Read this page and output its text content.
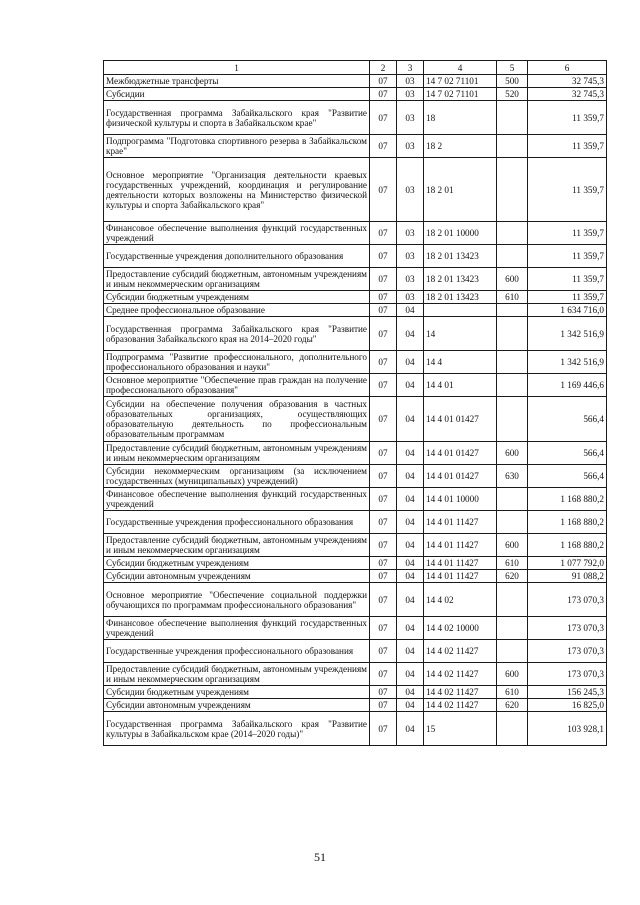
1	2	3	4	5	6
Межбюджетные трансферты	07	03	14 7 02 71101	500	32 745,3
Субсидии	07	03	14 7 02 71101	520	32 745,3
Государственная программа Забайкальского края "Развитие физической культуры и спорта в Забайкальском крае"	07	03	18		11 359,7
Подпрограмма "Подготовка спортивного резерва в Забайкальском крае"	07	03	18 2		11 359,7
Основное мероприятие "Организация деятельности краевых государственных учреждений, координация и регулирование деятельности которых возложены на Министерство физической культуры и спорта Забайкальского края"	07	03	18 2 01		11 359,7
Финансовое обеспечение выполнения функций государственных учреждений	07	03	18 2 01 10000		11 359,7
Государственные учреждения дополнительного образования	07	03	18 2 01 13423		11 359,7
Предоставление субсидий бюджетным, автономным учреждениям и иным некоммерческим организациям	07	03	18 2 01 13423	600	11 359,7
Субсидии бюджетным учреждениям	07	03	18 2 01 13423	610	11 359,7
Среднее профессиональное образование	07	04			1 634 716,0
Государственная программа Забайкальского края "Развитие образования Забайкальского края на 2014–2020 годы"	07	04	14		1 342 516,9
Подпрограмма "Развитие профессионального, дополнительного профессионального образования и науки"	07	04	14 4		1 342 516,9
Основное мероприятие "Обеспечение прав граждан на получение профессионального образования"	07	04	14 4 01		1 169 446,6
Субсидии на обеспечение получения образования в частных образовательных организациях, осуществляющих образовательную деятельность по профессиональным образовательным программам	07	04	14 4 01 01427		566,4
Предоставление субсидий бюджетным, автономным учреждениям и иным некоммерческим организациям	07	04	14 4 01 01427	600	566,4
Субсидии некоммерческим организациям (за исключением государственных (муниципальных) учреждений)	07	04	14 4 01 01427	630	566,4
Финансовое обеспечение выполнения функций государственных учреждений	07	04	14 4 01 10000		1 168 880,2
Государственные учреждения профессионального образования	07	04	14 4 01 11427		1 168 880,2
Предоставление субсидий бюджетным, автономным учреждениям и иным некоммерческим организациям	07	04	14 4 01 11427	600	1 168 880,2
Субсидии бюджетным учреждениям	07	04	14 4 01 11427	610	1 077 792,0
Субсидии автономным учреждениям	07	04	14 4 01 11427	620	91 088,2
Основное мероприятие "Обеспечение социальной поддержки обучающихся по программам профессионального образования"	07	04	14 4 02		173 070,3
Финансовое обеспечение выполнения функций государственных учреждений	07	04	14 4 02 10000		173 070,3
Государственные учреждения профессионального образования	07	04	14 4 02 11427		173 070,3
Предоставление субсидий бюджетным, автономным учреждениям и иным некоммерческим организациям	07	04	14 4 02 11427	600	173 070,3
Субсидии бюджетным учреждениям	07	04	14 4 02 11427	610	156 245,3
Субсидии автономным учреждениям	07	04	14 4 02 11427	620	16 825,0
Государственная программа Забайкальского края "Развитие культуры в Забайкальском крае (2014–2020 годы)"	07	04	15		103 928,1
51
